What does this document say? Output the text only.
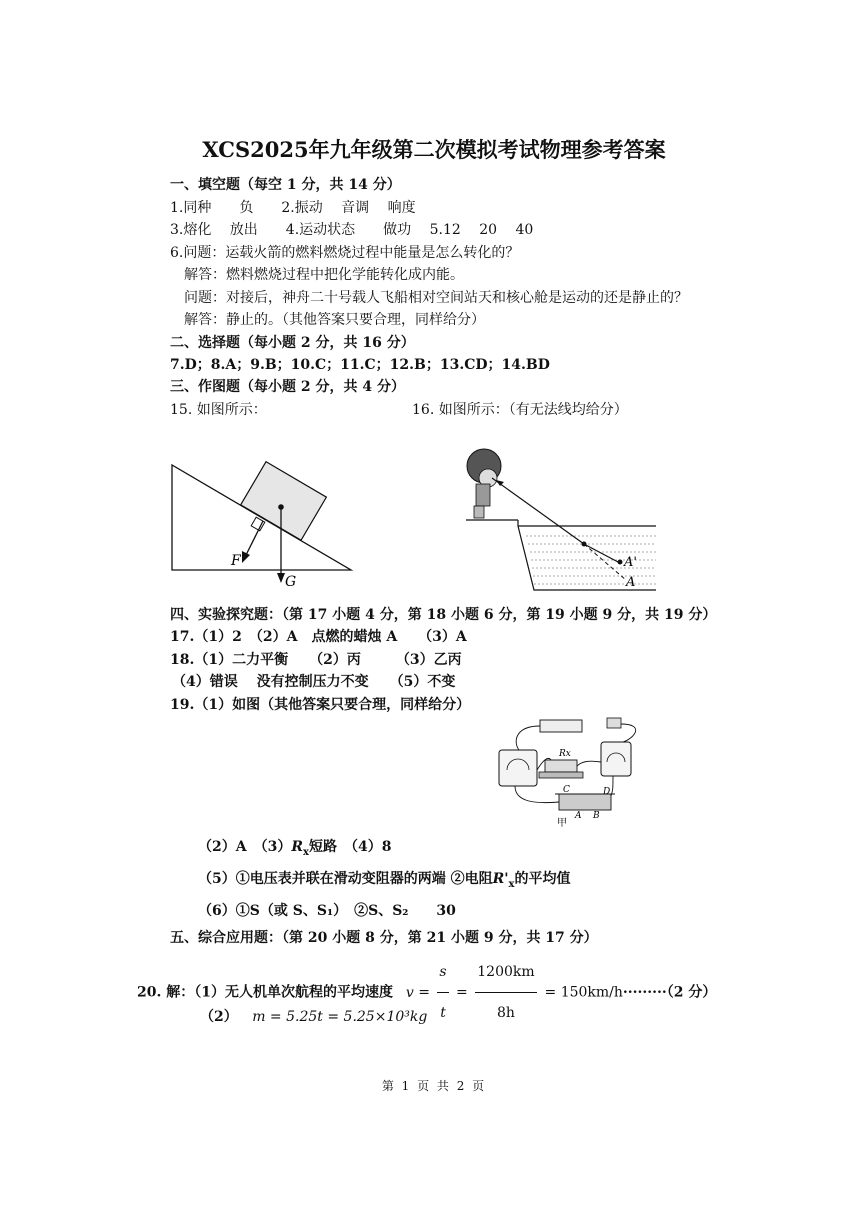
XCS2025年九年级第二次模拟考试物理参考答案
一、填空题（每空 1 分，共 14 分）
1.同种　　负　　2.振动　 音调　 响度
3.熔化　 放出　　4.运动状态　　做功　 5.12　 20　 40
6.问题：运载火箭的燃料燃烧过程中能量是怎么转化的？
解答：燃料燃烧过程中把化学能转化成内能。
问题：对接后，神舟二十号载人飞船相对空间站天和核心舱是运动的还是静止的？
解答：静止的。（其他答案只要合理，同样给分）
二、选择题（每小题 2 分，共 16 分）
7.D；8.A；9.B；10.C；11.C；12.B；13.CD；14.BD
三、作图题（每小题 2 分，共 4 分）
15. 如图所示：	16. 如图所示：（有无法线均给分）
F
G
A'
A
四、实验探究题：（第 17 小题 4 分，第 18 小题 6 分，第 19 小题 9 分，共 19 分）
17.（1）2　（2）A　点燃的蜡烛 A　　（3）A
18.（1）二力平衡　　（2）丙　　　（3）乙丙
（4）错误　 没有控制压力不变　　（5）不变
19.（1）如图（其他答案只要合理，同样给分）
Rx
C	D
A B
甲
（2）A　$(3)R_x$短路　（4）8
（5）①电压表并联在滑动变阻器的两端 ②电阻$R'_x$的平均值
（6）①S（或 S、S₁）　②S、S₂　　30
五、综合应用题：（第 20 小题 8 分，第 21 小题 9 分，共 17 分）
20. 解：（1）无人机单次航程的平均速度 $v = \frac{s}{t} = \frac{1200km}{8h} = 150km/h\cdot\cdot\cdot\cdot\cdot\cdot\cdot\cdot\cdot(2$ 分）
（2） m = 5.25t = 5.25×10³kg
第 1 页 共 2 页
